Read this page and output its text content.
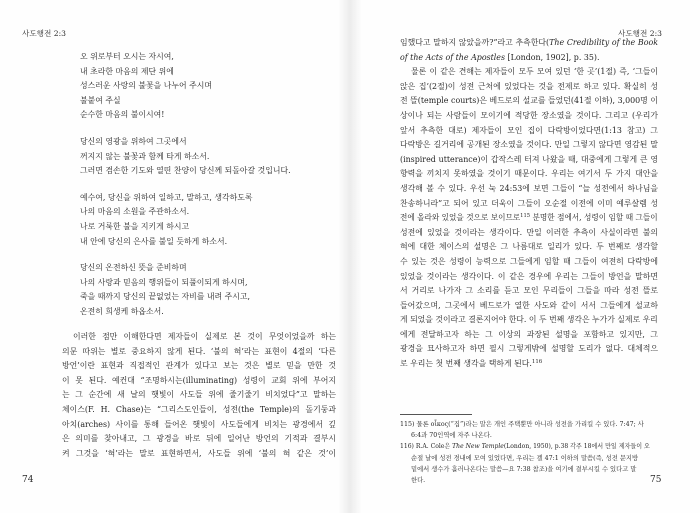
사도행전 2:3	사도행전 2:3
오 위로부터 오시는 자시여,
내 초라한 마음의 제단 위에
성스러운 사랑의 불꽃을 나누어 주시며
불붙여 주실
순수한 마음의 불이시여!
당신의 영광을 위하여 그곳에서
꺼지지 않는 불꽃과 함께 타게 하소서.
그러면 겸손한 기도와 열띤 찬양이 당신께 되돌아갈 것입니다.
예수여, 당신을 위하여 일하고, 말하고, 생각하도록
나의 마음의 소원을 주관하소서.
나로 거룩한 불을 지키게 하시고
내 안에 당신의 은사를 불일 듯하게 하소서.
당신의 온전하신 뜻을 준비하며
나의 사랑과 믿음의 행위들이 되풀이되게 하시며,
죽을 때까지 당신의 끝없었는 자비를 내려 주시고,
온전히 희생케 하옵소서.
이러한 점만 이해한다면 제자들이 실제로 본 것이 무엇이었을까 하는
의문 따위는 별로 중요하지 않게 된다. ‘불의 혀’라는 표현이 4절의 ‘다른
방언’이란 표현과 직접적인 관계가 있다고 보는 것은 별로 믿을 만한 것
이 못 된다. 예컨대 “조명하시는(illuminating) 성령이 교회 위에 부어지
는 그 순간에 새 날의 햇빛이 사도들 위에 줄기줄기 비치었다”고 말하는
체이스(F. H. Chase)는 “그리스도인들이, 성전(the Temple)의 돌기둥과
아치(arches) 사이를 통해 들어온 햇빛이 사도들에게 비치는 광경에서 깊
은 의미를 찾아내고, 그 광경을 바로 뒤에 일어난 방언의 기적과 결부시
켜 그것을 ‘혀’라는 말로 표현하면서, 사도들 위에 ‘불의 혀 같은 것’이
임했다고 말하지 않았을까?”라고 추측한다(The Credibility of the Book
of the Acts of the Apostles [London, 1902], p. 35).
물론 이 같은 견해는 제자들이 모두 모여 있던 ‘한 곳’(1절) 즉, ‘그들이
앉은 집’(2절)이 성전 근처에 있었다는 것을 전제로 하고 있다. 확실히 성
전 뜰(temple courts)은 베드로의 설교를 들었던(41절 이하), 3,000명 이
상이나 되는 사람들이 모이기에 적당한 장소였을 것이다. 그리고 (우리가
앞서 추측한 대로) 제자들이 모인 집이 다락방이었다면(1:13 참고) 그
다락방은 길거리에 공개된 장소였을 것이다. 만일 그렇지 않다면 영감된 말
(inspired utterance)이 갑작스레 터져 나왔을 때, 대중에게 그렇게 큰 영
향력을 끼치지 못하였을 것이기 때문이다. 우리는 여기서 두 가지 대안을
생각해 볼 수 있다. 우선 눅 24:53에 보면 그들이 “늘 성전에서 하나님을
찬송하니라”고 되어 있고 더욱이 그들이 오순절 이전에 이미 예루살렘 성
전에 올라와 있었을 것으로 보이므로$^{115}$ 분명한 점에서, 성령이 임할 때 그들이
성전에 있었을 것이라는 생각이다. 만일 이러한 추측이 사실이라면 불의
혀에 대한 체이스의 설명은 그 나름대로 일리가 있다. 두 번째로 생각할
수 있는 것은 성령이 능력으로 그들에게 임할 때 그들이 여전히 다락방에
있었을 것이라는 생각이다. 이 같은 경우에 우리는 그들이 방언을 말하면
서 거리로 나가자 그 소리를 듣고 모인 무리들이 그들을 따라 성전 뜰로
들어갔으며, 그곳에서 베드로가 열한 사도와 같이 서서 그들에게 설교하
게 되었을 것이라고 결론지어야 한다. 이 두 번째 생각은 누가가 실제로 우리
에게 전달하고자 하는 그 이상의 과장된 설명을 포함하고 있지만, 그
광경을 묘사하고자 하면 필시 그렇게밖에 설명할 도리가 없다. 대체적으
로 우리는 첫 번째 생각을 택하게 된다.$^{116}$
115) 물론 οἶκος(“집”)라는 말은 개인 주택뿐만 아니라 성전을 가리킬 수 있다. 7:47; 사
6:4과 70인역에 자주 나온다.
116) R.A. Cole은 The New Temple(London, 1950), p.38 각주 18에서 만일 제자들이 오
순절 날에 성전 경내에 모여 있었다면, 우리는 겔 47:1 이하의 말씀(즉, 성전 문지방
밑에서 생수가 흘러나온다는 말씀—요 7:38 참조)을 여기에 결부시킬 수 있다고 말
한다.
74	75
